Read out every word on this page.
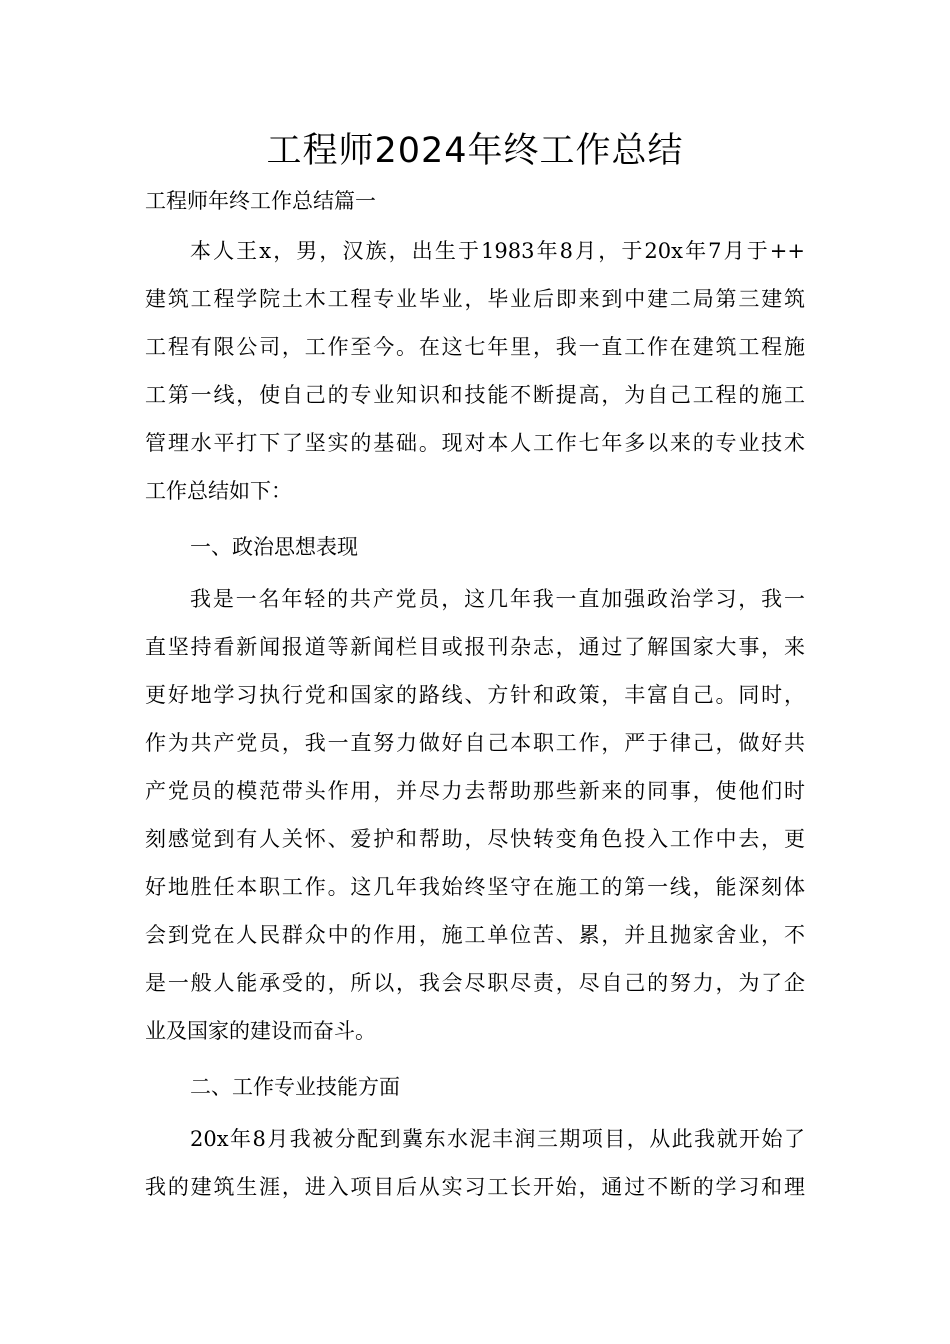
工程师2024年终工作总结

工程师年终工作总结篇一

本人王x，男，汉族，出生于1983年8月，于20x年7月于++

建筑工程学院土木工程专业毕业，毕业后即来到中建二局第三建筑

工程有限公司，工作至今。在这七年里，我一直工作在建筑工程施

工第一线，使自己的专业知识和技能不断提高，为自己工程的施工

管理水平打下了坚实的基础。现对本人工作七年多以来的专业技术

工作总结如下：

一、政治思想表现

我是一名年轻的共产党员，这几年我一直加强政治学习，我一

直坚持看新闻报道等新闻栏目或报刊杂志，通过了解国家大事，来

更好地学习执行党和国家的路线、方针和政策，丰富自己。同时，

作为共产党员，我一直努力做好自己本职工作，严于律己，做好共

产党员的模范带头作用，并尽力去帮助那些新来的同事，使他们时

刻感觉到有人关怀、爱护和帮助，尽快转变角色投入工作中去，更

好地胜任本职工作。这几年我始终坚守在施工的第一线，能深刻体

会到党在人民群众中的作用，施工单位苦、累，并且抛家舍业，不

是一般人能承受的，所以，我会尽职尽责，尽自己的努力，为了企

业及国家的建设而奋斗。

二、工作专业技能方面

20x年8月我被分配到冀东水泥丰润三期项目，从此我就开始了

我的建筑生涯，进入项目后从实习工长开始，通过不断的学习和理
